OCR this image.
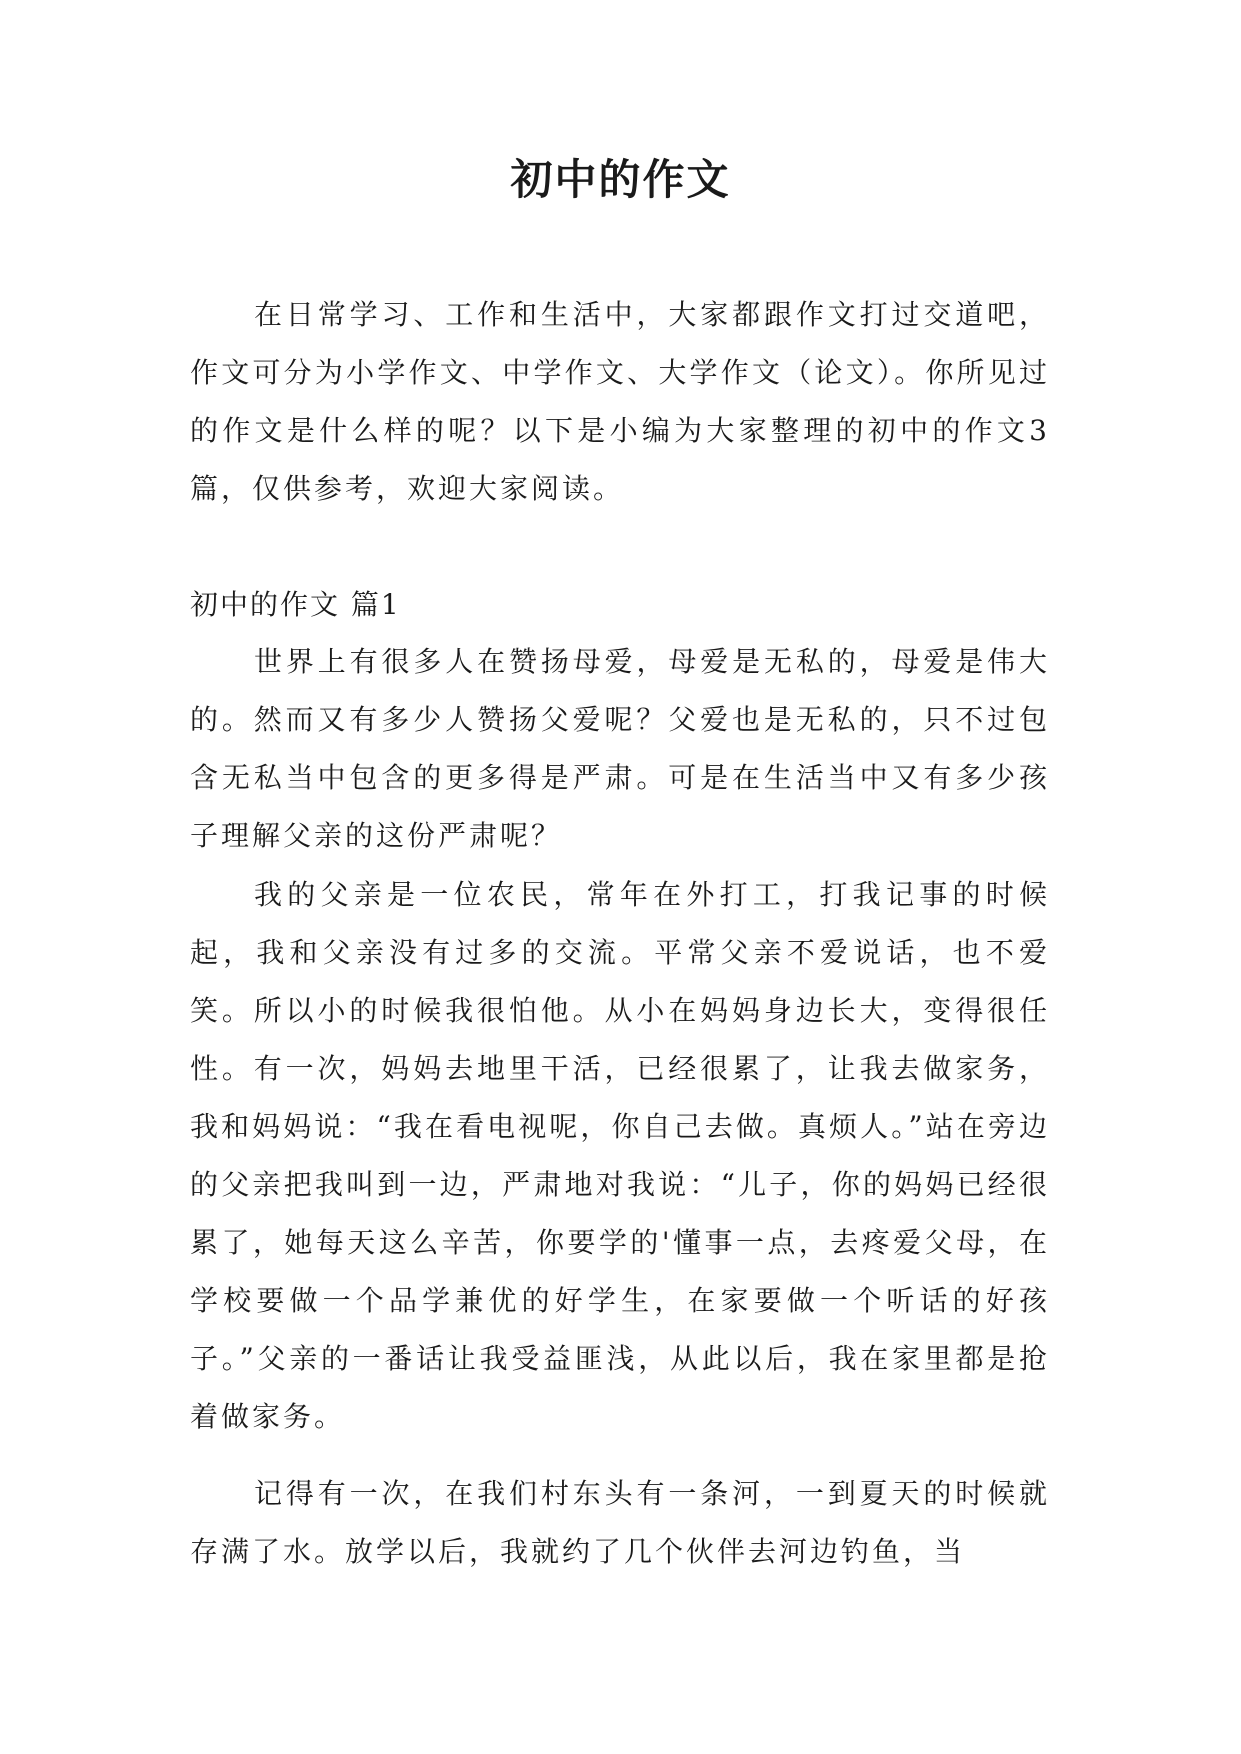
初中的作文

在日常学习、工作和生活中，大家都跟作文打过交道吧，作文可分为小学作文、中学作文、大学作文（论文）。你所见过的作文是什么样的呢？以下是小编为大家整理的初中的作文3篇，仅供参考，欢迎大家阅读。

初中的作文 篇1

世界上有很多人在赞扬母爱，母爱是无私的，母爱是伟大的。然而又有多少人赞扬父爱呢？父爱也是无私的，只不过包含无私当中包含的更多得是严肃。可是在生活当中又有多少孩子理解父亲的这份严肃呢？

我的父亲是一位农民，常年在外打工，打我记事的时候起，我和父亲没有过多的交流。平常父亲不爱说话，也不爱笑。所以小的时候我很怕他。从小在妈妈身边长大，变得很任性。有一次，妈妈去地里干活，已经很累了，让我去做家务，我和妈妈说：“我在看电视呢，你自己去做。真烦人。”站在旁边的父亲把我叫到一边，严肃地对我说：“儿子，你的妈妈已经很累了，她每天这么辛苦，你要学的'懂事一点，去疼爱父母，在学校要做一个品学兼优的好学生，在家要做一个听话的好孩子。”父亲的一番话让我受益匪浅，从此以后，我在家里都是抢着做家务。

记得有一次，在我们村东头有一条河，一到夏天的时候就存满了水。放学以后，我就约了几个伙伴去河边钓鱼，当
